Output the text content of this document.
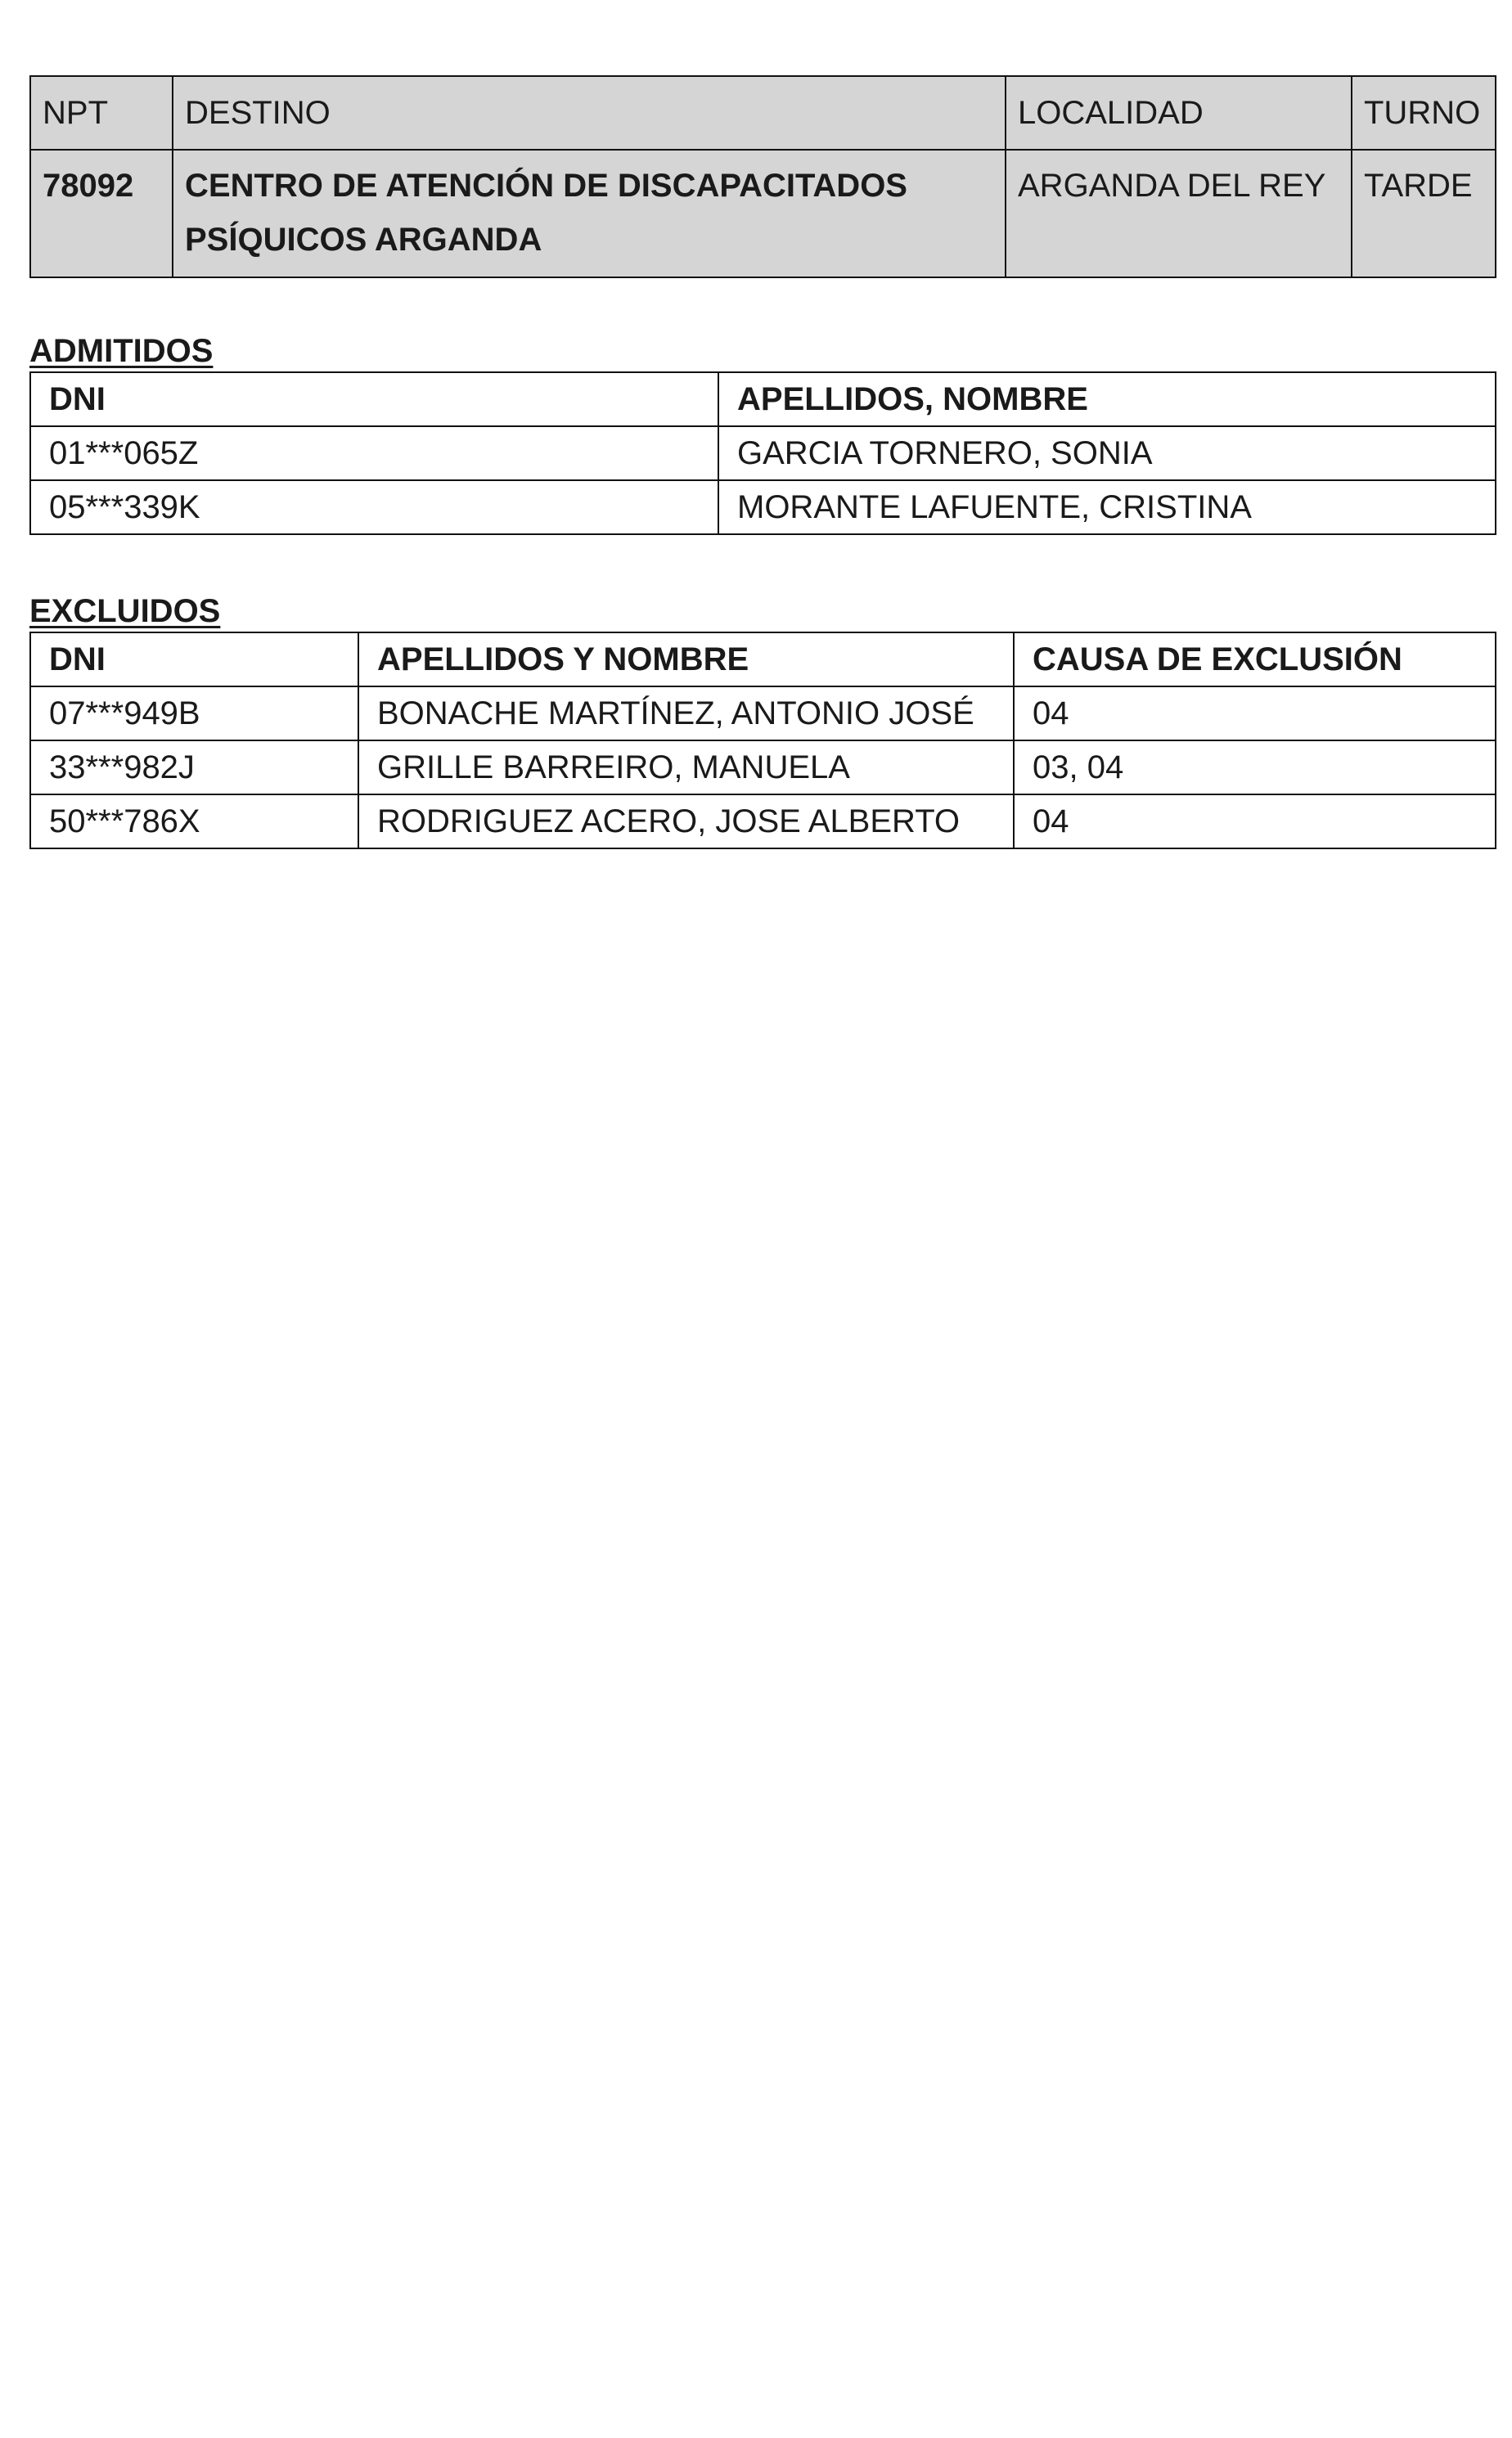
NPT	DESTINO	LOCALIDAD	TURNO
78092	CENTRO DE ATENCIÓN DE DISCAPACITADOS
PSÍQUICOS ARGANDA	ARGANDA DEL REY	TARDE

ADMITIDOS

DNI	APELLIDOS, NOMBRE
01***065Z	GARCIA TORNERO, SONIA
05***339K	MORANTE LAFUENTE, CRISTINA

EXCLUIDOS

DNI	APELLIDOS Y NOMBRE	CAUSA DE EXCLUSIÓN
07***949B	BONACHE MARTÍNEZ, ANTONIO JOSÉ	04
33***982J	GRILLE BARREIRO, MANUELA	03, 04
50***786X	RODRIGUEZ ACERO, JOSE ALBERTO	04
